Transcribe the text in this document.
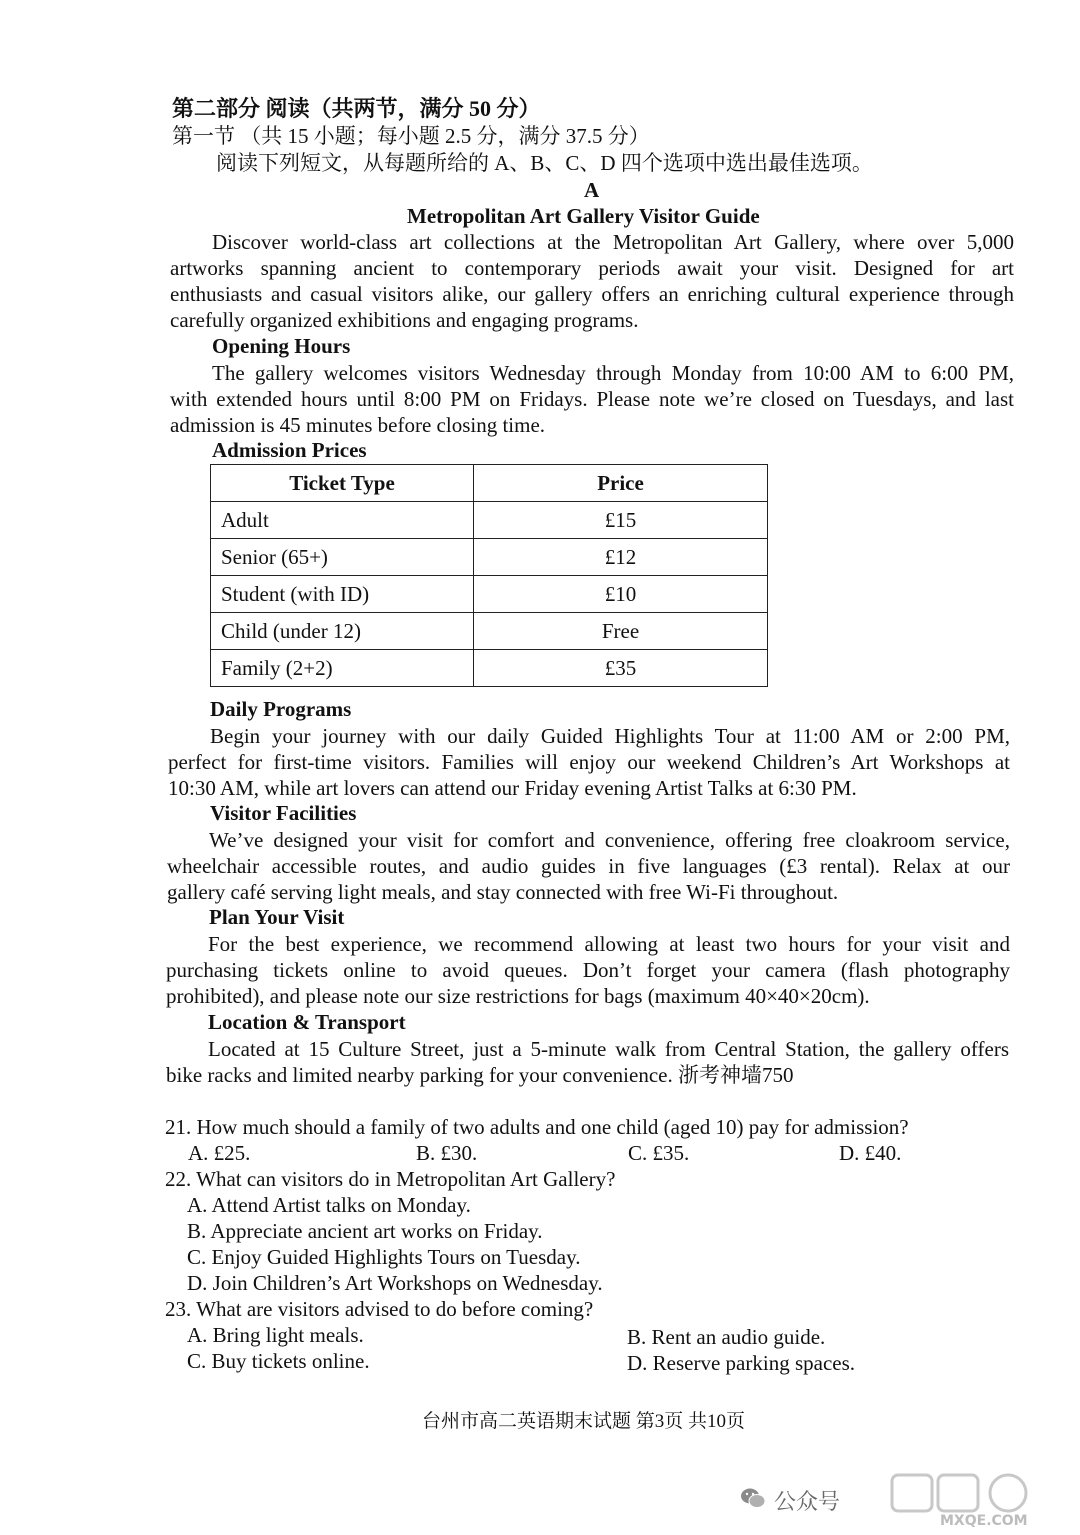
第二部分 阅读（共两节，满分 50 分）
第一节 （共 15 小题；每小题 2.5 分，满分 37.5 分）
阅读下列短文，从每题所给的 A、B、C、D 四个选项中选出最佳选项。
A
Metropolitan Art Gallery Visitor Guide
Discover world-class art collections at the Metropolitan Art Gallery, where over 5,000
artworks spanning ancient to contemporary periods await your visit. Designed for art
enthusiasts and casual visitors alike, our gallery offers an enriching cultural experience through
carefully organized exhibitions and engaging programs.
Opening Hours
The gallery welcomes visitors Wednesday through Monday from 10:00 AM to 6:00 PM,
with extended hours until 8:00 PM on Fridays. Please note we’re closed on Tuesdays, and last
admission is 45 minutes before closing time.
Admission Prices
Ticket Type	Price
Adult	£15
Senior (65+)	£12
Student (with ID)	£10
Child (under 12)	Free
Family (2+2)	£35
Daily Programs
Begin your journey with our daily Guided Highlights Tour at 11:00 AM or 2:00 PM,
perfect for first-time visitors. Families will enjoy our weekend Children’s Art Workshops at
10:30 AM, while art lovers can attend our Friday evening Artist Talks at 6:30 PM.
Visitor Facilities
We’ve designed your visit for comfort and convenience, offering free cloakroom service,
wheelchair accessible routes, and audio guides in five languages (£3 rental). Relax at our
gallery café serving light meals, and stay connected with free Wi-Fi throughout.
Plan Your Visit
For the best experience, we recommend allowing at least two hours for your visit and
purchasing tickets online to avoid queues. Don’t forget your camera (flash photography
prohibited), and please note our size restrictions for bags (maximum 40×40×20cm).
Location & Transport
Located at 15 Culture Street, just a 5-minute walk from Central Station, the gallery offers
bike racks and limited nearby parking for your convenience. 浙考神墙750
21. How much should a family of two adults and one child (aged 10) pay for admission?
A. £25.	B. £30.	C. £35.	D. £40.
22. What can visitors do in Metropolitan Art Gallery?
A. Attend Artist talks on Monday.
B. Appreciate ancient art works on Friday.
C. Enjoy Guided Highlights Tours on Tuesday.
D. Join Children’s Art Workshops on Wednesday.
23. What are visitors advised to do before coming?
A. Bring light meals.	B. Rent an audio guide.
C. Buy tickets online.	D. Reserve parking spaces.
台州市高二英语期末试题 第3页 共10页
公众号
MXQE.COM
